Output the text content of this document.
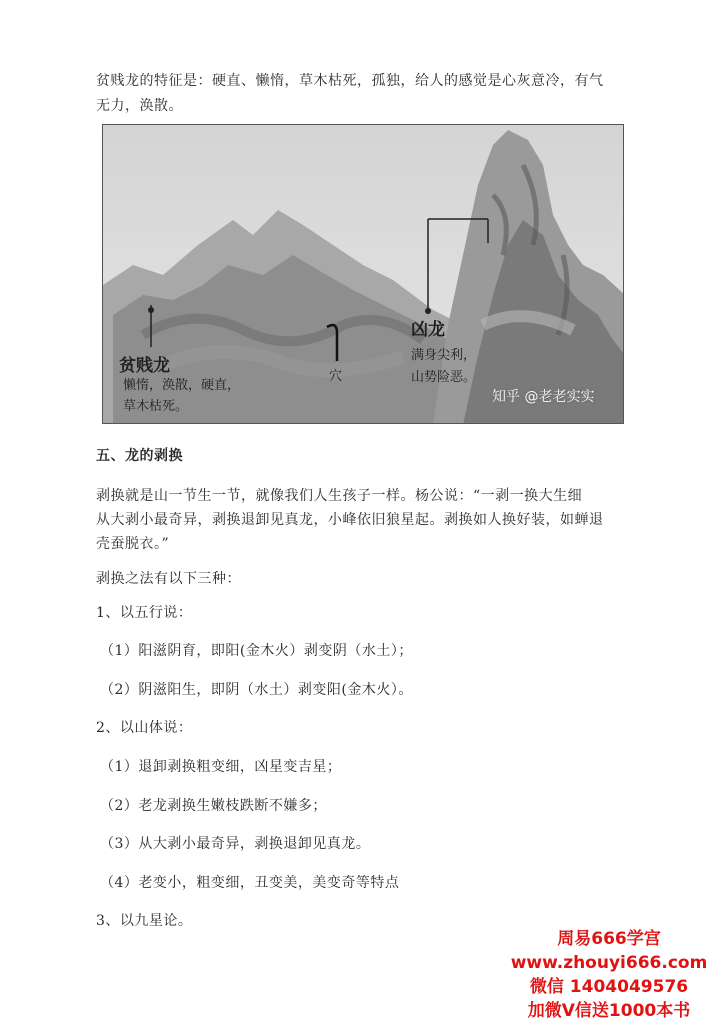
贫贱龙的特征是：硬直、懒惰，草木枯死，孤独，给人的感觉是心灰意冷，有气

无力，涣散。

贫贱龙
懒惰，涣散，硬直，
草木枯死。
穴
凶龙
满身尖利，
山势险恶。
知乎 @老老实实

五、龙的剥换

剥换就是山一节生一节，就像我们人生孩子一样。杨公说：“一剥一换大生细

从大剥小最奇异，剥换退卸见真龙，小峰依旧狼星起。剥换如人换好装，如蝉退

壳蚕脱衣。”

剥换之法有以下三种：

1、以五行说：

（1）阳滋阴育，即阳(金木火）剥变阴（水土）；

（2）阴滋阳生，即阴（水土）剥变阳(金木火）。

2、以山体说：

（1）退卸剥换粗变细，凶星变吉星；

（2）老龙剥换生嫩枝跌断不嫌多；

（3）从大剥小最奇异，剥换退卸见真龙。

（4）老变小，粗变细，丑变美，美变奇等特点

3、以九星论。

周易666学宫
www.zhouyi666.com
微信 1404049576
加微V信送1000本书
